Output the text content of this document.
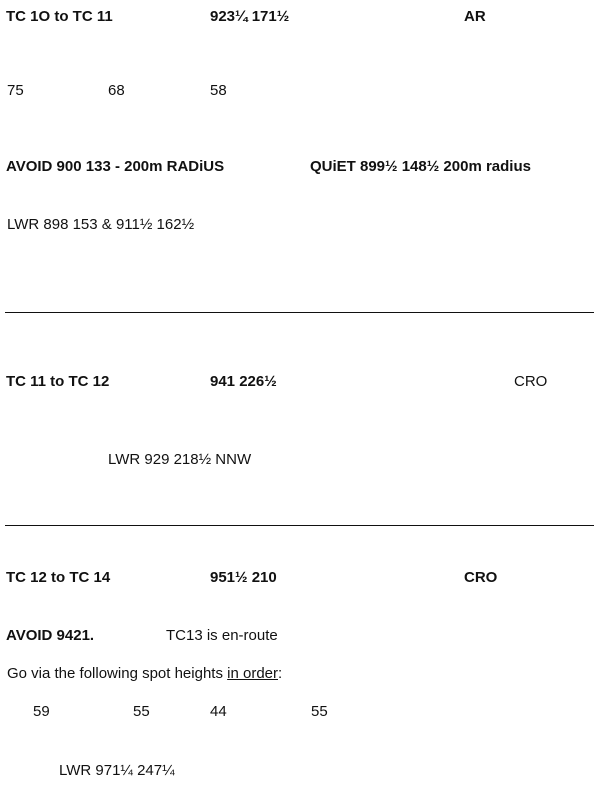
TC 1O to TC 11	923¼ 171½	AR
75	68	58
AVOID 900 133 - 200m RADiUS	QUiET 899½ 148½ 200m radius
LWR 898 153 & 911½ 162½
TC 11 to TC 12	941 226½	CRO
LWR 929 218½ NNW
TC 12 to TC 14	951½ 210	CRO
AVOID 9421.	TC13 is en-route
Go via the following spot heights in order:
59	55	44	55
LWR 971¼ 247¼
